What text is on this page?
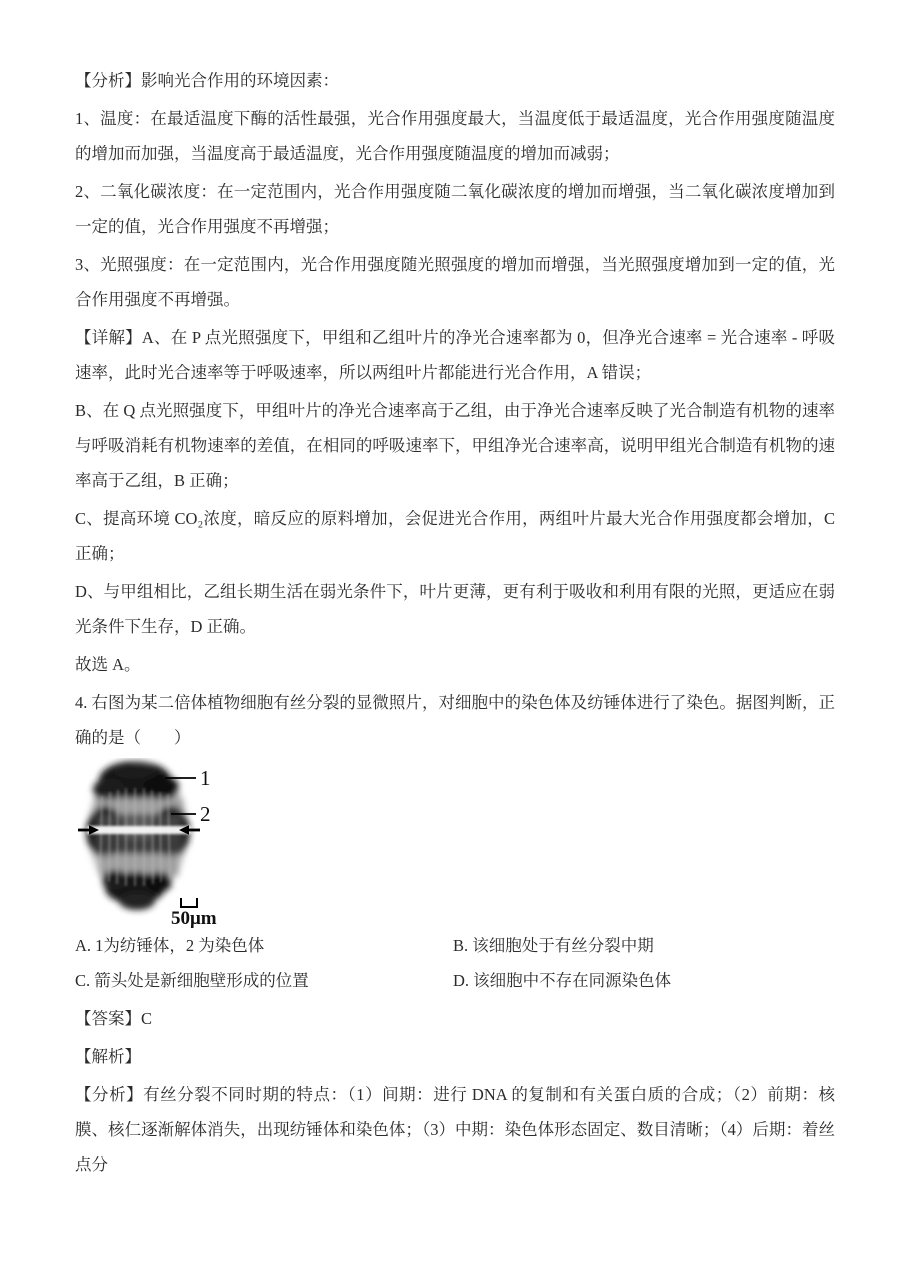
【分析】影响光合作用的环境因素：

1、温度：在最适温度下酶的活性最强，光合作用强度最大，当温度低于最适温度，光合作用强度随温度的增加而加强，当温度高于最适温度，光合作用强度随温度的增加而减弱；

2、二氧化碳浓度：在一定范围内，光合作用强度随二氧化碳浓度的增加而增强，当二氧化碳浓度增加到一定的值，光合作用强度不再增强；

3、光照强度：在一定范围内，光合作用强度随光照强度的增加而增强，当光照强度增加到一定的值，光合作用强度不再增强。

【详解】A、在 P 点光照强度下，甲组和乙组叶片的净光合速率都为 0，但净光合速率 = 光合速率 - 呼吸速率，此时光合速率等于呼吸速率，所以两组叶片都能进行光合作用，A 错误；

B、在 Q 点光照强度下，甲组叶片的净光合速率高于乙组，由于净光合速率反映了光合制造有机物的速率与呼吸消耗有机物速率的差值，在相同的呼吸速率下，甲组净光合速率高，说明甲组光合制造有机物的速率高于乙组，B 正确；

C、提高环境 CO₂浓度，暗反应的原料增加，会促进光合作用，两组叶片最大光合作用强度都会增加，C 正确；

D、与甲组相比，乙组长期生活在弱光条件下，叶片更薄，更有利于吸收和利用有限的光照，更适应在弱光条件下生存，D 正确。

故选 A。

4. 右图为某二倍体植物细胞有丝分裂的显微照片，对细胞中的染色体及纺锤体进行了染色。据图判断，正确的是（　　）

1
2
50μm
A. 1为纺锤体，2 为染色体	B. 该细胞处于有丝分裂中期
C. 箭头处是新细胞壁形成的位置	D. 该细胞中不存在同源染色体

【答案】C

【解析】

【分析】有丝分裂不同时期的特点：（1）间期：进行 DNA 的复制和有关蛋白质的合成；（2）前期：核膜、核仁逐渐解体消失，出现纺锤体和染色体；（3）中期：染色体形态固定、数目清晰；（4）后期：着丝点分
